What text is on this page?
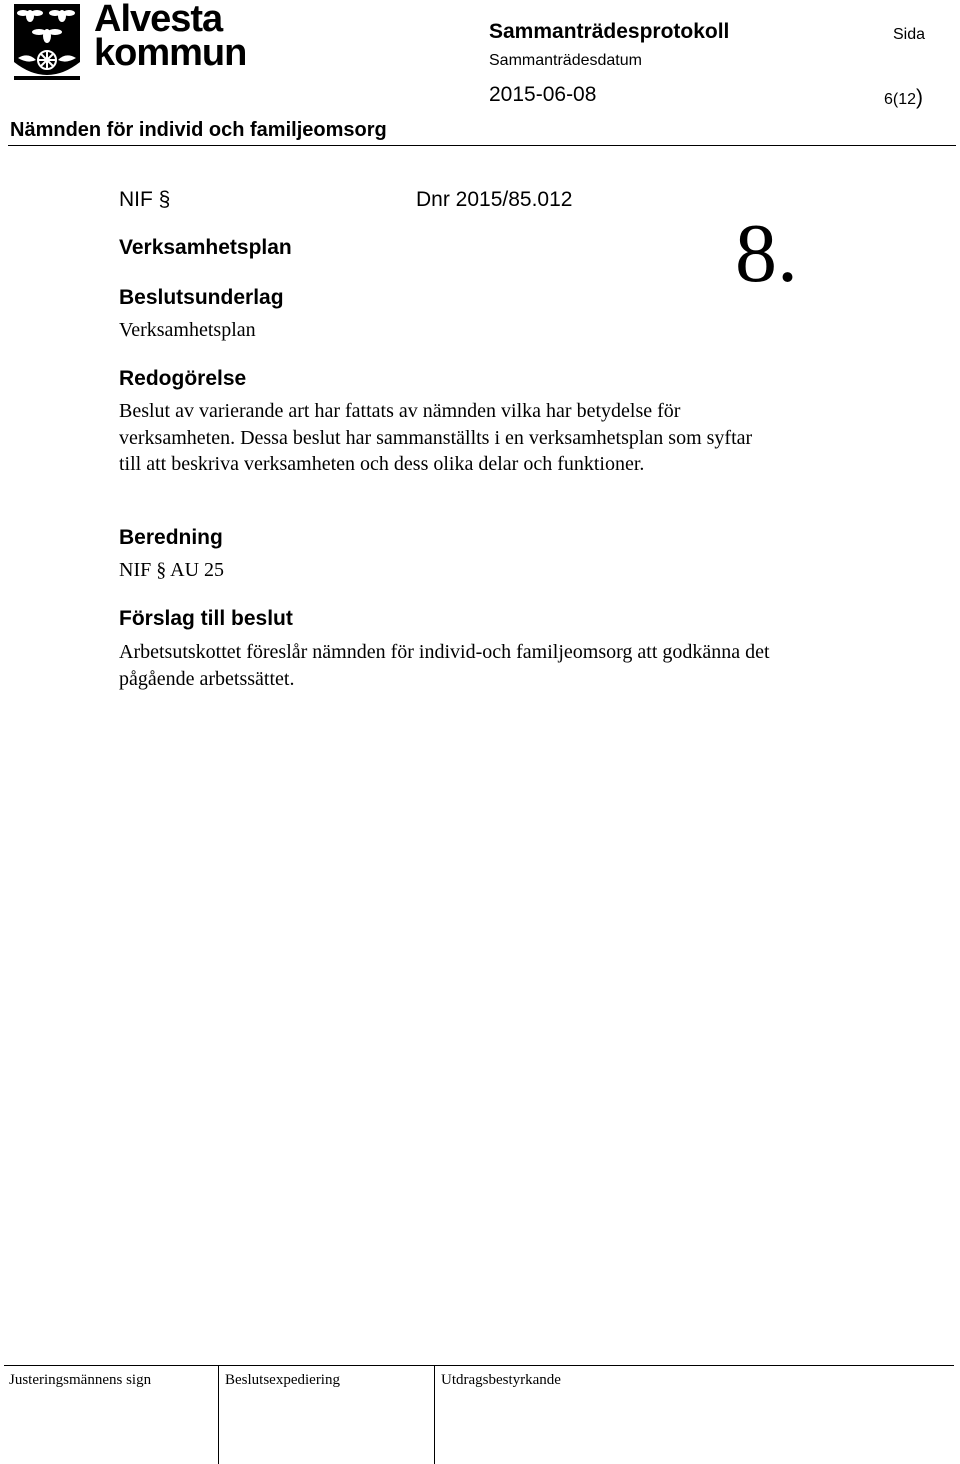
Alvesta
kommun
Sammanträdesprotokoll
Sammanträdesdatum
Sida
2015-06-08	6(12)
Nämnden för individ och familjeomsorg
NIF §	Dnr 2015/85.012
8.
Verksamhetsplan
Beslutsunderlag
Verksamhetsplan
Redogörelse
Beslut av varierande art har fattats av nämnden vilka har betydelse för verksamheten. Dessa beslut har sammanställts i en verksamhetsplan som syftar till att beskriva verksamheten och dess olika delar och funktioner.
Beredning
NIF § AU 25
Förslag till beslut
Arbetsutskottet föreslår nämnden för individ-och familjeomsorg att godkänna det pågående arbetssättet.
Justeringsmännens sign	Beslutsexpediering	Utdragsbestyrkande
